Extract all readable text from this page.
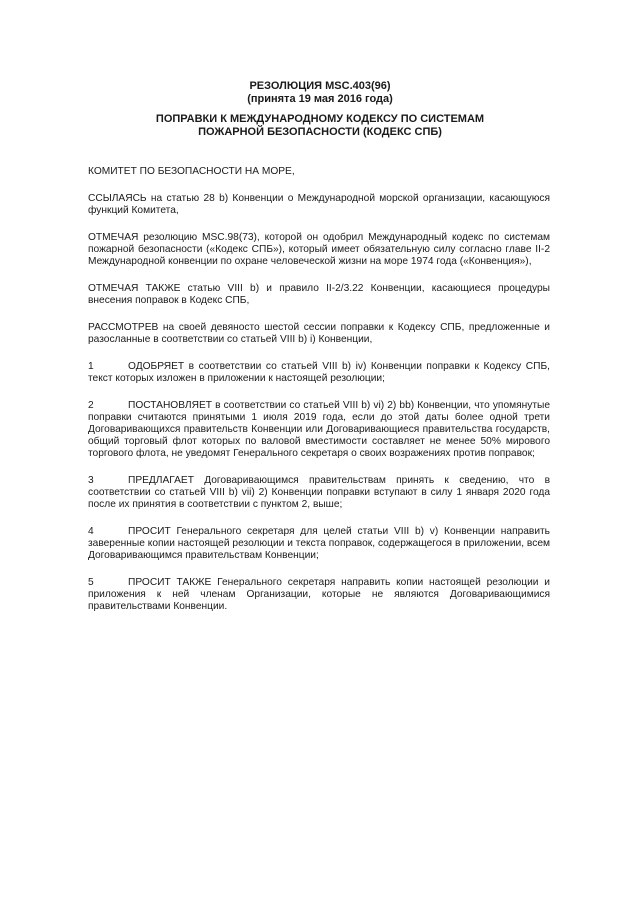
РЕЗОЛЮЦИЯ MSC.403(96)
(принята 19 мая 2016 года)
ПОПРАВКИ К МЕЖДУНАРОДНОМУ КОДЕКСУ ПО СИСТЕМАМ
ПОЖАРНОЙ БЕЗОПАСНОСТИ (КОДЕКС СПБ)

КОМИТЕТ ПО БЕЗОПАСНОСТИ НА МОРЕ,

ССЫЛАЯСЬ на статью 28 b) Конвенции о Международной морской организации, касающуюся функций Комитета,

ОТМЕЧАЯ резолюцию MSC.98(73), которой он одобрил Международный кодекс по системам пожарной безопасности («Кодекс СПБ»), который имеет обязательную силу согласно главе II-2 Международной конвенции по охране человеческой жизни на море 1974 года («Конвенция»),

ОТМЕЧАЯ ТАКЖЕ статью VIII b) и правило II-2/3.22 Конвенции, касающиеся процедуры внесения поправок в Кодекс СПБ,

РАССМОТРЕВ на своей девяносто шестой сессии поправки к Кодексу СПБ, предложенные и разосланные в соответствии со статьей VIII b) i) Конвенции,

1	ОДОБРЯЕТ в соответствии со статьей VIII b) iv) Конвенции поправки к Кодексу СПБ, текст которых изложен в приложении к настоящей резолюции;

2	ПОСТАНОВЛЯЕТ в соответствии со статьей VIII b) vi) 2) bb) Конвенции, что упомянутые поправки считаются принятыми 1 июля 2019 года, если до этой даты более одной трети Договаривающихся правительств Конвенции или Договаривающиеся правительства государств, общий торговый флот которых по валовой вместимости составляет не менее 50% мирового торгового флота, не уведомят Генерального секретаря о своих возражениях против поправок;

3	ПРЕДЛАГАЕТ Договаривающимся правительствам принять к сведению, что в соответствии со статьей VIII b) vii) 2) Конвенции поправки вступают в силу 1 января 2020 года после их принятия в соответствии с пунктом 2, выше;

4	ПРОСИТ Генерального секретаря для целей статьи VIII b) v) Конвенции направить заверенные копии настоящей резолюции и текста поправок, содержащегося в приложении, всем Договаривающимся правительствам Конвенции;

5	ПРОСИТ ТАКЖЕ Генерального секретаря направить копии настоящей резолюции и приложения к ней членам Организации, которые не являются Договаривающимися правительствами Конвенции.
